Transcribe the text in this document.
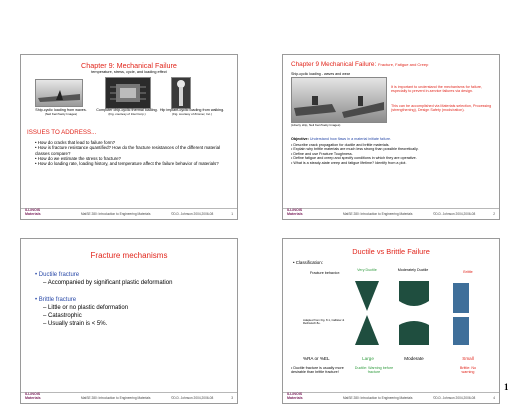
Chapter 9: Mechanical Failure
temperature, stress, cycle, and loading effect
Ship-cyclic loading from waves.
(Neil Kerr/Getty Images)
Computer chip-cyclic thermal loading.
(Fig. courtesy of Intel Corp.)
Hip implant-cyclic loading from walking.
(Fig. courtesy of Zimmer, Inc.)
ISSUES TO ADDRESS...
• How do cracks that lead to failure form?
• How is fracture resistance quantified? How do the fracture resistances of the different material classes compare?
• How do we estimate the stress to fracture?
• How do loading rate, loading history, and temperature affect the failure behavior of materials?
ILLINOIS
Materials	MatSE 280: Introduction to Engineering Materials	©D.D. Johnson 2004,2006-08	1
Chapter 9 Mechanical Failure: Fracture, Fatigue and Creep
Ship-cyclic loading - waves and wear
(Liberty ship, Neil Kerr/Getty Images)
It is important to understand the mechanisms for failure, especially to prevent in-service failures via design.
This can be accomplished via Materials selection, Processing (strengthening), Design Safety (mods/ration).
Objective: Understand how flaws in a material initiate failure.
• Describe crack propagation for ductile and brittle materials.
• Explain why brittle materials are much less strong than possible theoretically.
• Define and use Fracture Toughness.
• Define fatigue and creep and specify conditions in which they are operative.
• What is a steady-state creep and fatigue lifetime? Identify from a plot.
ILLINOIS
Materials	MatSE 280: Introduction to Engineering Materials	©D.D. Johnson 2004,2006-08	2
Fracture mechanisms
• Ductile fracture
– Accompanied by significant plastic deformation
• Brittle fracture
– Little or no plastic deformation
– Catastrophic
– Usually strain is < 5%.
ILLINOIS
Materials	MatSE 280: Introduction to Engineering Materials	©D.D. Johnson 2004,2006-08	3
Ductile vs Brittle Failure
• Classification:
Fracture behavior:
Very Ductile	Moderately Ductile	Brittle
Adapted from Fig. 8.1, Callister & Rethwisch 8e.
%RA or %EL	Large	Moderate	Small
• Ductile fracture is usually more desirable than brittle fracture!
Ductile: Warning before fracture
Brittle: No warning
ILLINOIS
Materials	MatSE 280: Introduction to Engineering Materials	©D.D. Johnson 2004,2006-08	4
1
